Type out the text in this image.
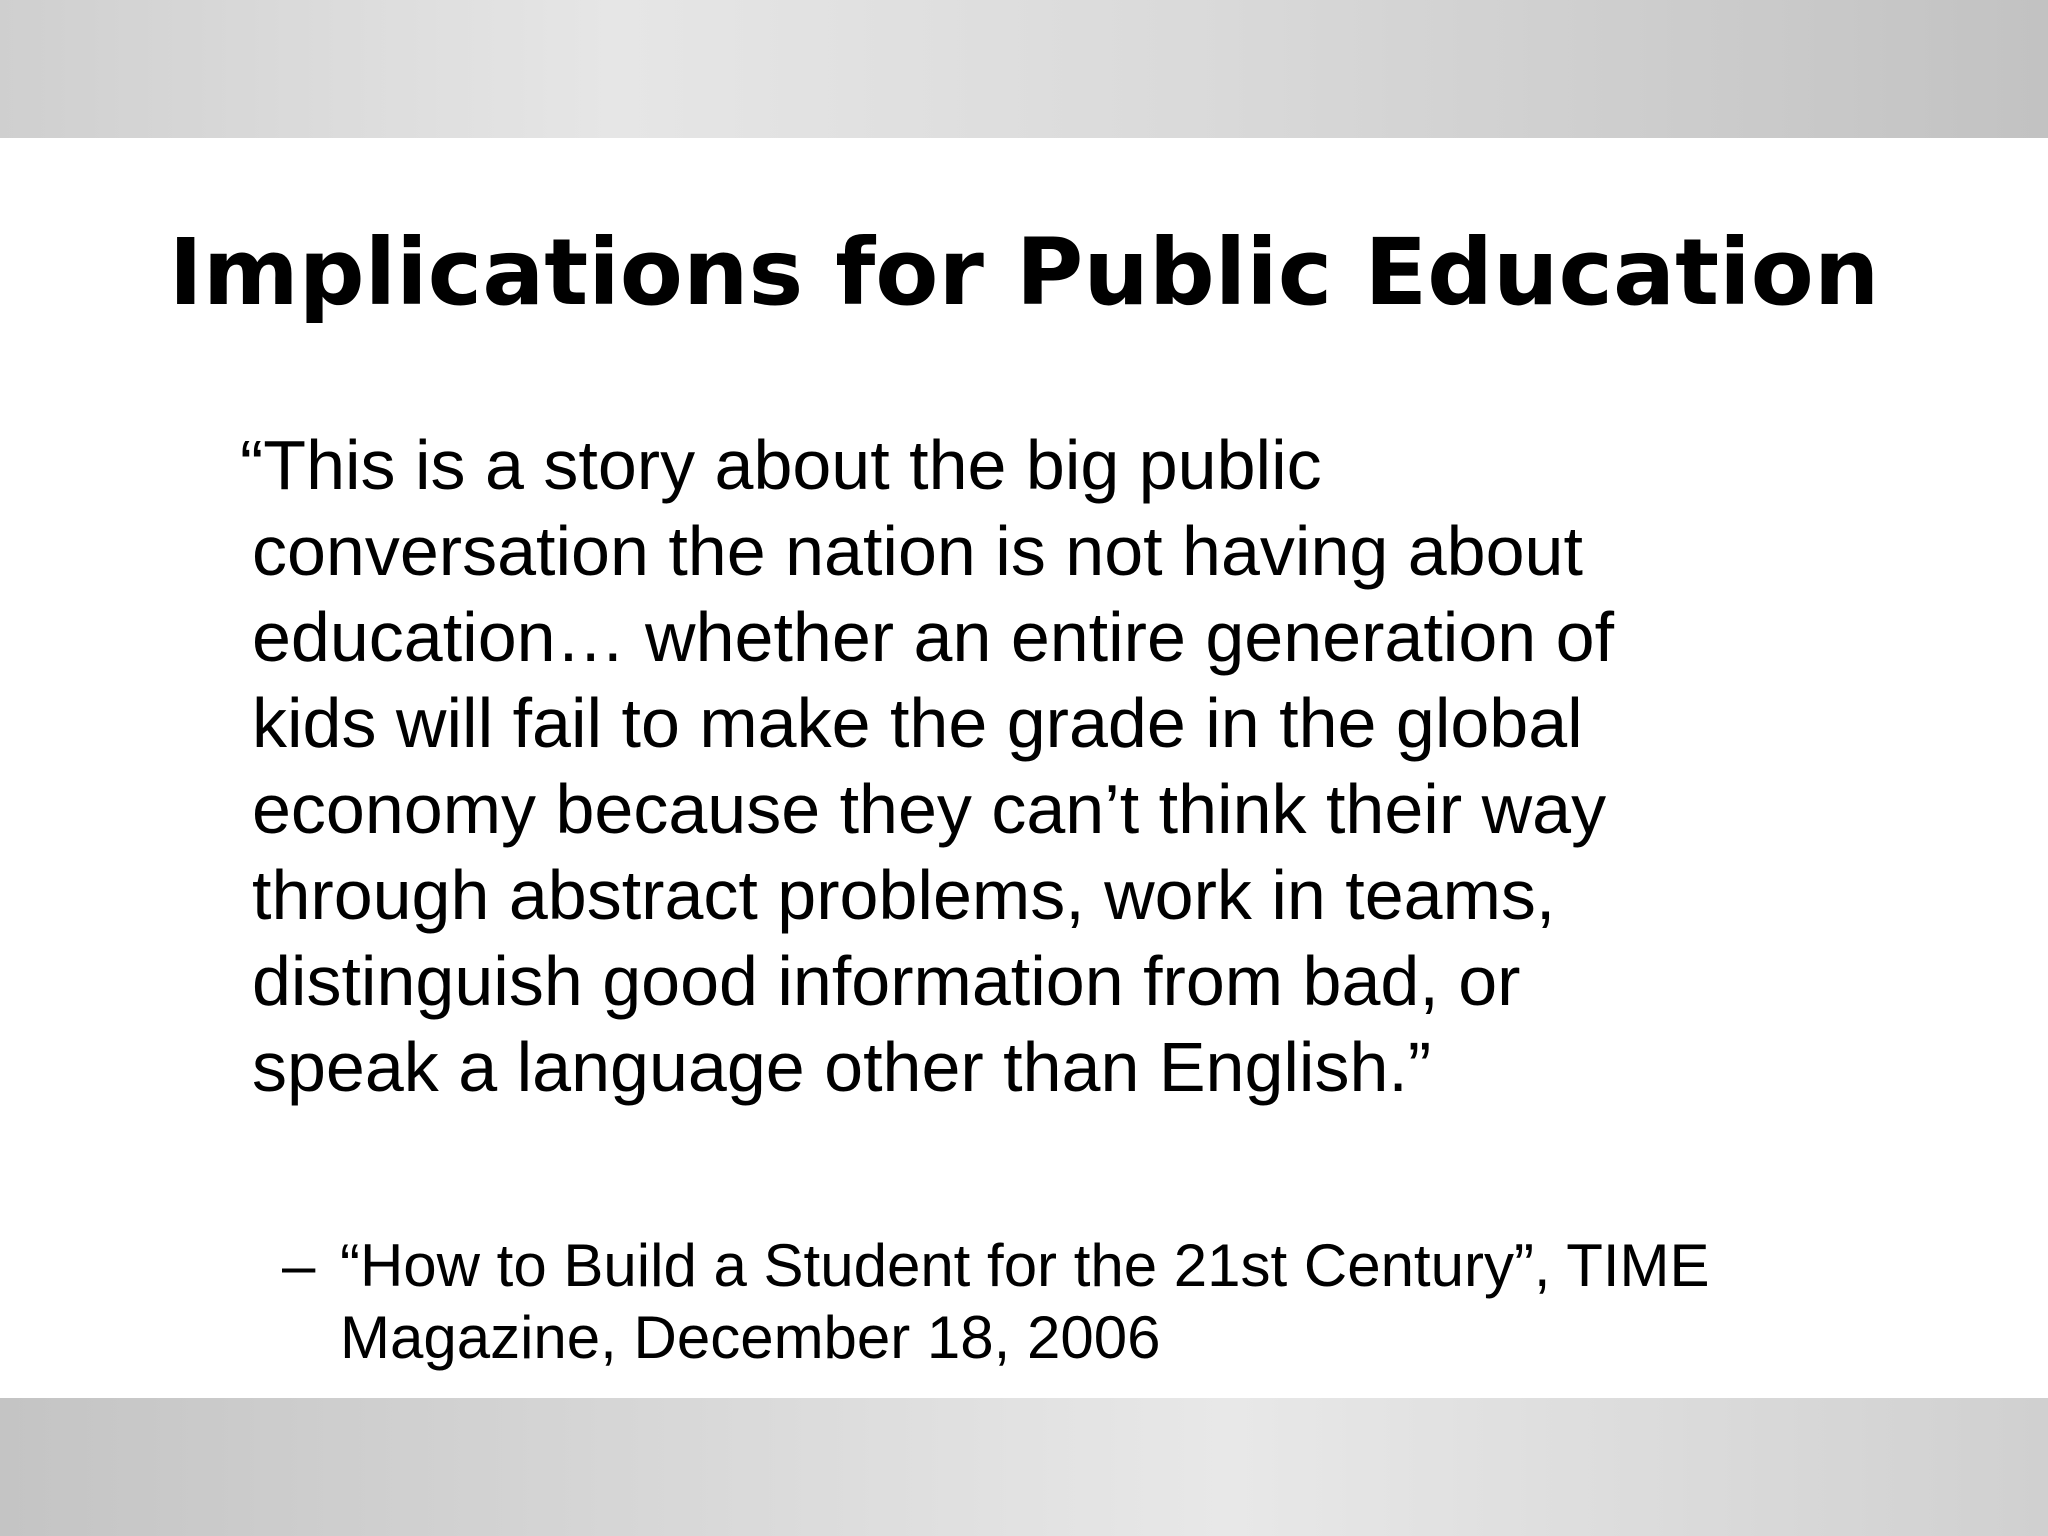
Implications for Public Education

“This is a story about the big public
conversation the nation is not having about
education… whether an entire generation of
kids will fail to make the grade in the global
economy because they can’t think their way
through abstract problems, work in teams,
distinguish good information from bad, or
speak a language other than English.”

– “How to Build a Student for the 21st Century”, TIME
Magazine, December 18, 2006
